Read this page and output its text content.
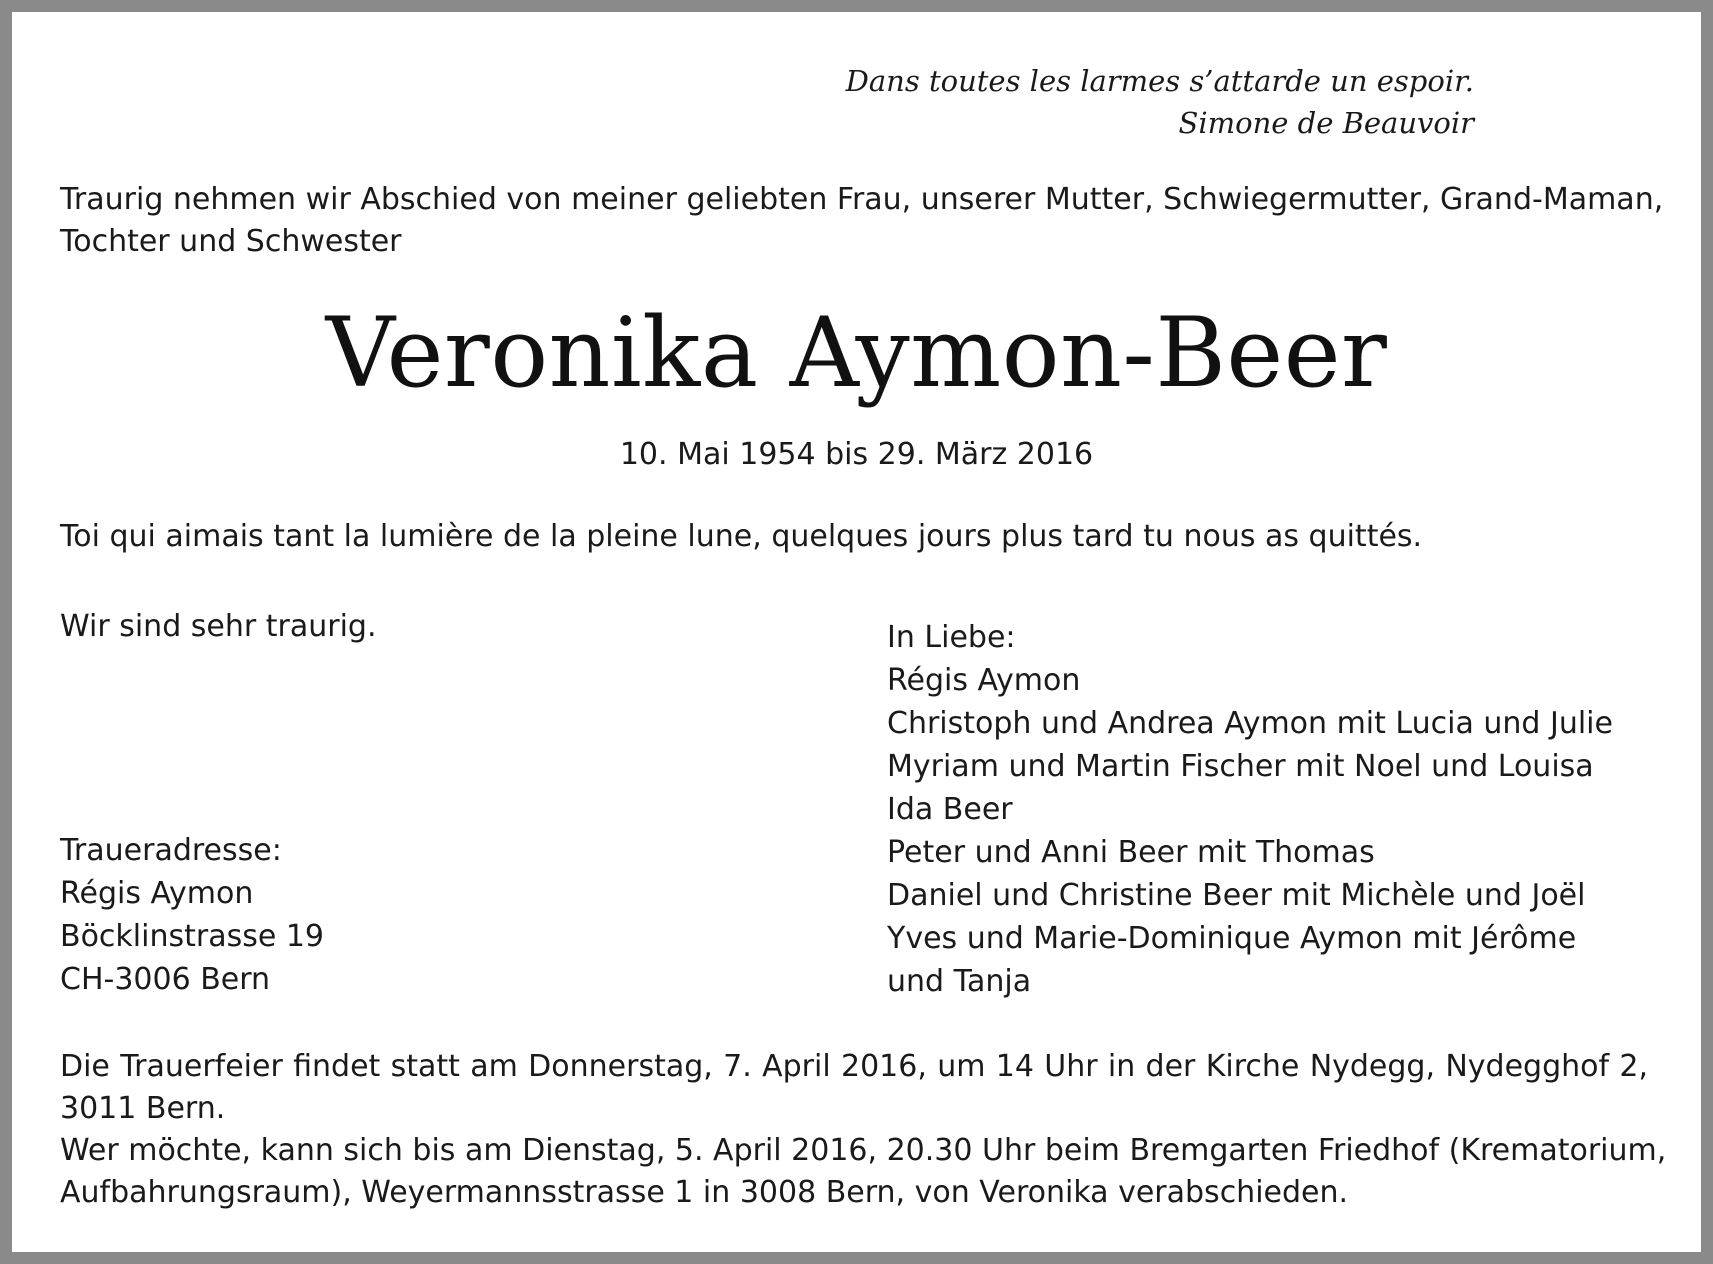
Dans toutes les larmes s’attarde un espoir.
Simone de Beauvoir
Traurig nehmen wir Abschied von meiner geliebten Frau, unserer Mutter, Schwiegermutter, Grand-Maman,
Tochter und Schwester
Veronika Aymon-Beer
10. Mai 1954 bis 29. März 2016
Toi qui aimais tant la lumière de la pleine lune, quelques jours plus tard tu nous as quittés.
Wir sind sehr traurig.
Traueradresse:
Régis Aymon
Böcklinstrasse 19
CH-3006 Bern
In Liebe:
Régis Aymon
Christoph und Andrea Aymon mit Lucia und Julie
Myriam und Martin Fischer mit Noel und Louisa
Ida Beer
Peter und Anni Beer mit Thomas
Daniel und Christine Beer mit Michèle und Joël
Yves und Marie-Dominique Aymon mit Jérôme
und Tanja
Die Trauerfeier findet statt am Donnerstag, 7. April 2016, um 14 Uhr in der Kirche Nydegg, Nydegghof 2,
3011 Bern.
Wer möchte, kann sich bis am Dienstag, 5. April 2016, 20.30 Uhr beim Bremgarten Friedhof (Krematorium,
Aufbahrungsraum), Weyermannsstrasse 1 in 3008 Bern, von Veronika verabschieden.
